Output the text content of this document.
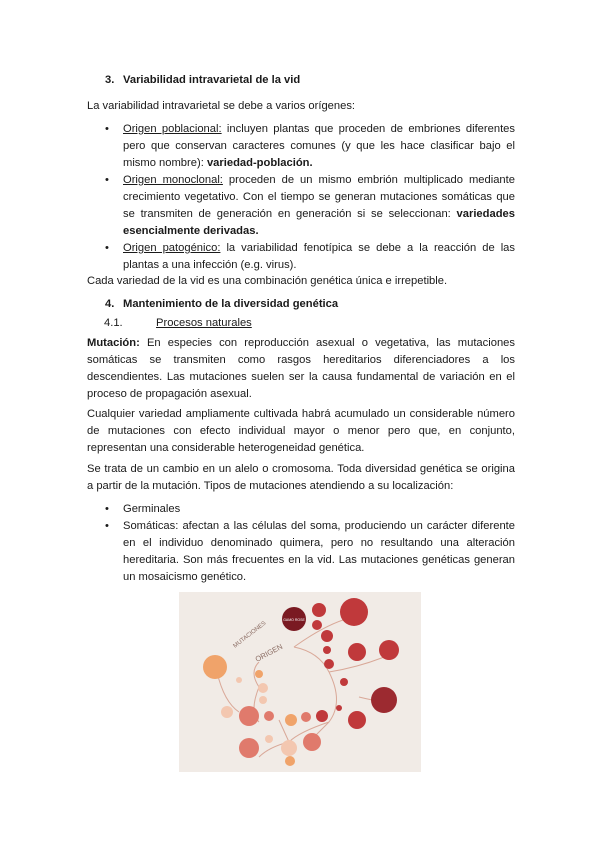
3. Variabilidad intravarietal de la vid

La variabilidad intravarietal se debe a varios orígenes:

• Origen poblacional: incluyen plantas que proceden de embriones diferentes pero que conservan caracteres comunes (y que les hace clasificar bajo el mismo nombre): variedad-población.
• Origen monoclonal: proceden de un mismo embrión multiplicado mediante crecimiento vegetativo. Con el tiempo se generan mutaciones somáticas que se transmiten de generación en generación si se seleccionan: variedades esencialmente derivadas.
• Origen patogénico: la variabilidad fenotípica se debe a la reacción de las plantas a una infección (e.g. virus).

Cada variedad de la vid es una combinación genética única e irrepetible.

4. Mantenimiento de la diversidad genética
4.1.	Procesos naturales

Mutación: En especies con reproducción asexual o vegetativa, las mutaciones somáticas se transmiten como rasgos hereditarios diferenciadores a los descendientes. Las mutaciones suelen ser la causa fundamental de variación en el proceso de propagación asexual.

Cualquier variedad ampliamente cultivada habrá acumulado un considerable número de mutaciones con efecto individual mayor o menor pero que, en conjunto, representan una considerable heterogeneidad genética.

Se trata de un cambio en un alelo o cromosoma. Toda diversidad genética se origina a partir de la mutación. Tipos de mutaciones atendiendo a su localización:

• Germinales
• Somáticas: afectan a las células del soma, produciendo un carácter diferente en el individuo denominado quimera, pero no resultando una alteración hereditaria. Son más frecuentes en la vid. Las mutaciones genéticas generan un mosaicismo genético.
MUTACIONES
ORIGEN
GAMO ROSE
